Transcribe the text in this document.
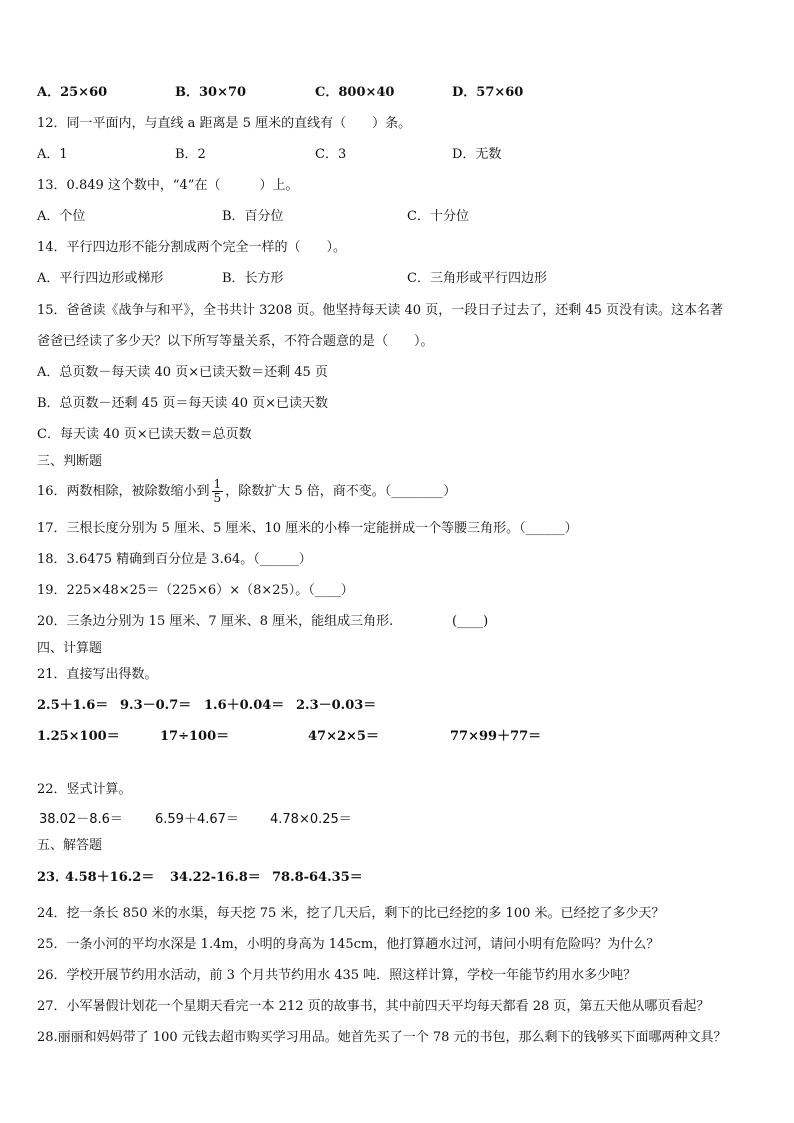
A．25×60	B．30×70	C．800×40	D．57×60
12．同一平面内，与直线 a 距离是 5 厘米的直线有（　　）条。
A．1	B．2	C．3	D．无数
13．0.849 这个数中，“4”在（　　　）上。
A．个位	B．百分位	C．十分位
14．平行四边形不能分割成两个完全一样的（　　）。
A．平行四边形或梯形	B．长方形	C．三角形或平行四边形
15．爸爸读《战争与和平》，全书共计 3208 页。他坚持每天读 40 页，一段日子过去了，还剩 45 页没有读。这本名著
爸爸已经读了多少天？以下所写等量关系，不符合题意的是（　　）。
A．总页数－每天读 40 页×已读天数＝还剩 45 页
B．总页数－还剩 45 页＝每天读 40 页×已读天数
C．每天读 40 页×已读天数＝总页数
三、判断题
16．两数相除，被除数缩小到 $\frac{1}{5}$ ，除数扩大 5 倍，商不变。（________）
17．三根长度分别为 5 厘米、5 厘米、10 厘米的小棒一定能拼成一个等腰三角形。（______）
18．3.6475 精确到百分位是 3.64。（______）
19．225×48×25＝（225×6）×（8×25）。（____）
20．三条边分别为 15 厘米、7 厘米、8 厘米，能组成三角形.	(____)
四、计算题
21．直接写出得数。
2.5＋1.6＝ 9.3－0.7＝ 1.6＋0.04＝ 2.3－0.03＝
1.25×100＝	17÷100＝	47×2×5＝	77×99＋77＝
22．竖式计算。
38.02－8.6＝ 6.59＋4.67＝ 4.78×0.25＝
五、解答题
23．
4.58＋16.2＝ 34.22-16.8＝ 78.8-64.35＝
24．挖一条长 850 米的水渠，每天挖 75 米，挖了几天后，剩下的比已经挖的多 100 米。已经挖了多少天？
25．一条小河的平均水深是 1.4m，小明的身高为 145cm，他打算趟水过河，请问小明有危险吗？为什么？
26．学校开展节约用水活动，前 3 个月共节约用水 435 吨．照这样计算，学校一年能节约用水多少吨？
27．小军暑假计划花一个星期天看完一本 212 页的故事书，其中前四天平均每天都看 28 页，第五天他从哪页看起？
28.丽丽和妈妈带了 100 元钱去超市购买学习用品。她首先买了一个 78 元的书包，那么剩下的钱够买下面哪两种文具？
